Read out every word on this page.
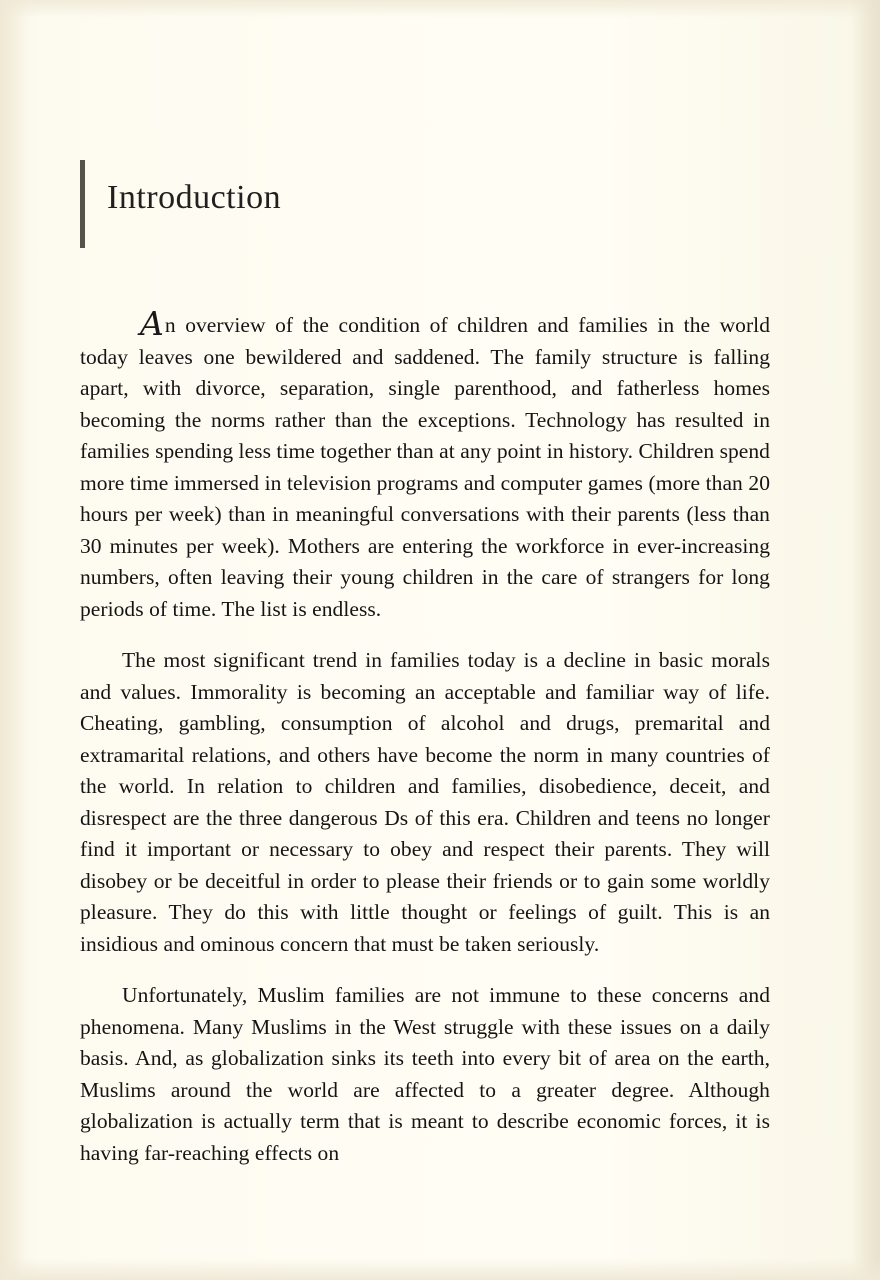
Introduction

An overview of the condition of children and families in the world today leaves one bewildered and saddened. The family structure is falling apart, with divorce, separation, single parenthood, and fatherless homes becoming the norms rather than the exceptions. Technology has resulted in families spending less time together than at any point in history. Children spend more time immersed in television programs and computer games (more than 20 hours per week) than in meaningful conversations with their parents (less than 30 minutes per week). Mothers are entering the workforce in ever-increasing numbers, often leaving their young children in the care of strangers for long periods of time. The list is endless.

The most significant trend in families today is a decline in basic morals and values. Immorality is becoming an acceptable and familiar way of life. Cheating, gambling, consumption of alcohol and drugs, premarital and extramarital relations, and others have become the norm in many countries of the world. In relation to children and families, disobedience, deceit, and disrespect are the three dangerous Ds of this era. Children and teens no longer find it important or necessary to obey and respect their parents. They will disobey or be deceitful in order to please their friends or to gain some worldly pleasure. They do this with little thought or feelings of guilt. This is an insidious and ominous concern that must be taken seriously.

Unfortunately, Muslim families are not immune to these concerns and phenomena. Many Muslims in the West struggle with these issues on a daily basis. And, as globalization sinks its teeth into every bit of area on the earth, Muslims around the world are affected to a greater degree. Although globalization is actually term that is meant to describe economic forces, it is having far-reaching effects on
